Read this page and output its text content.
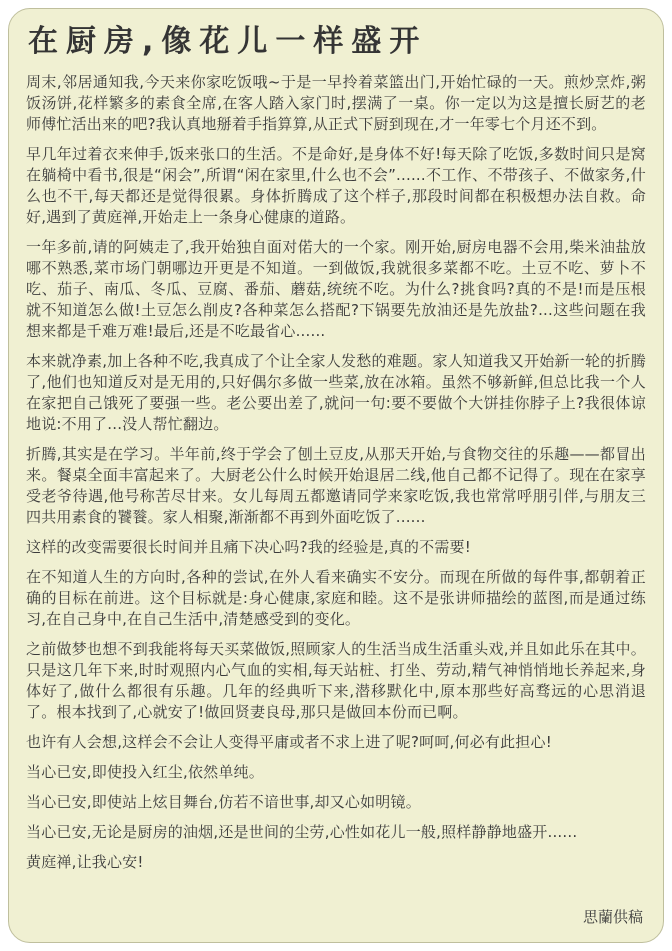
在厨房,像花儿一样盛开

周末,邻居通知我,今天来你家吃饭哦~于是一早拎着菜篮出门,开始忙碌的一天。煎炒烹炸,粥饭汤饼,花样繁多的素食全席,在客人踏入家门时,摆满了一桌。你一定以为这是擅长厨艺的老师傅忙活出来的吧?我认真地掰着手指算算,从正式下厨到现在,才一年零七个月还不到。

早几年过着衣来伸手,饭来张口的生活。不是命好,是身体不好!每天除了吃饭,多数时间只是窝在躺椅中看书,很是“闲会”,所谓“闲在家里,什么也不会”......不工作、不带孩子、不做家务,什么也不干,每天都还是觉得很累。身体折腾成了这个样子,那段时间都在积极想办法自救。命好,遇到了黄庭禅,开始走上一条身心健康的道路。

一年多前,请的阿姨走了,我开始独自面对偌大的一个家。刚开始,厨房电器不会用,柴米油盐放哪不熟悉,菜市场门朝哪边开更是不知道。一到做饭,我就很多菜都不吃。土豆不吃、萝卜不吃、茄子、南瓜、冬瓜、豆腐、番茄、蘑菇,统统不吃。为什么?挑食吗?真的不是!而是压根就不知道怎么做!土豆怎么削皮?各种菜怎么搭配?下锅要先放油还是先放盐?...这些问题在我想来都是千难万难!最后,还是不吃最省心......

本来就净素,加上各种不吃,我真成了个让全家人发愁的难题。家人知道我又开始新一轮的折腾了,他们也知道反对是无用的,只好偶尔多做一些菜,放在冰箱。虽然不够新鲜,但总比我一个人在家把自己饿死了要强一些。老公要出差了,就问一句:要不要做个大饼挂你脖子上?我很体谅地说:不用了...没人帮忙翻边。

折腾,其实是在学习。半年前,终于学会了刨土豆皮,从那天开始,与食物交往的乐趣——都冒出来。餐桌全面丰富起来了。大厨老公什么时候开始退居二线,他自己都不记得了。现在在家享受老爷待遇,他号称苦尽甘来。女儿每周五都邀请同学来家吃饭,我也常常呼朋引伴,与朋友三四共用素食的饕餮。家人相聚,渐渐都不再到外面吃饭了......

这样的改变需要很长时间并且痛下决心吗?我的经验是,真的不需要!

在不知道人生的方向时,各种的尝试,在外人看来确实不安分。而现在所做的每件事,都朝着正确的目标在前进。这个目标就是:身心健康,家庭和睦。这不是张讲师描绘的蓝图,而是通过练习,在自己身中,在自己生活中,清楚感受到的变化。

之前做梦也想不到我能将每天买菜做饭,照顾家人的生活当成生活重头戏,并且如此乐在其中。只是这几年下来,时时观照内心气血的实相,每天站桩、打坐、劳动,精气神悄悄地长养起来,身体好了,做什么都很有乐趣。几年的经典听下来,潜移默化中,原本那些好高骛远的心思消退了。根本找到了,心就安了!做回贤妻良母,那只是做回本份而已啊。

也许有人会想,这样会不会让人变得平庸或者不求上进了呢?呵呵,何必有此担心!

当心已安,即使投入红尘,依然单纯。

当心已安,即使站上炫目舞台,仿若不谙世事,却又心如明镜。

当心已安,无论是厨房的油烟,还是世间的尘劳,心性如花儿一般,照样静静地盛开......

黄庭禅,让我心安!

思蘭供稿
